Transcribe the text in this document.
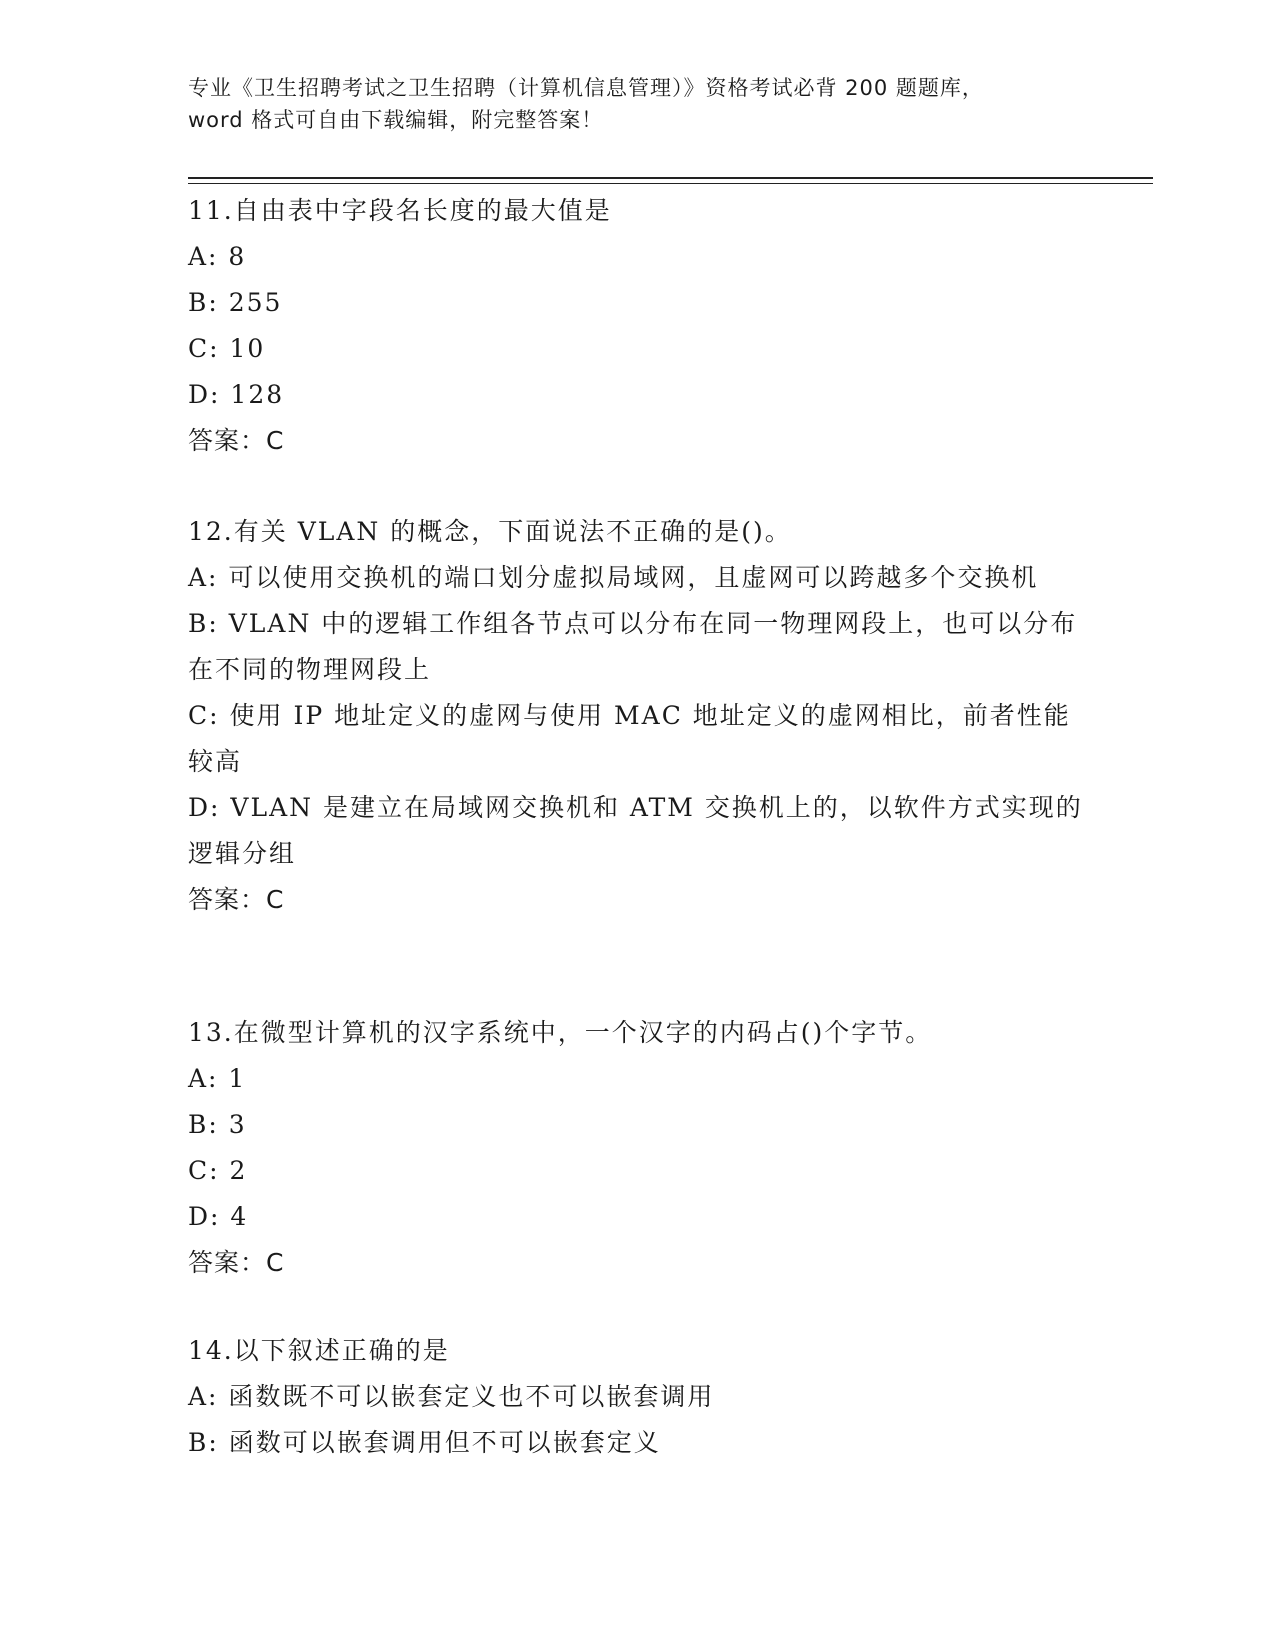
专业《卫生招聘考试之卫生招聘（计算机信息管理）》资格考试必背 200 题题库，

word 格式可自由下载编辑，附完整答案！

11.自由表中字段名长度的最大值是

A: 8

B: 255

C: 10

D: 128

答案：C

12.有关 VLAN 的概念，下面说法不正确的是()。

A: 可以使用交换机的端口划分虚拟局域网，且虚网可以跨越多个交换机

B: VLAN 中的逻辑工作组各节点可以分布在同一物理网段上，也可以分布在不同的物理网段上

C: 使用 IP 地址定义的虚网与使用 MAC 地址定义的虚网相比，前者性能较高

D: VLAN 是建立在局域网交换机和 ATM 交换机上的，以软件方式实现的逻辑分组

答案：C

13.在微型计算机的汉字系统中，一个汉字的内码占()个字节。

A: 1

B: 3

C: 2

D: 4

答案：C

14.以下叙述正确的是

A: 函数既不可以嵌套定义也不可以嵌套调用

B: 函数可以嵌套调用但不可以嵌套定义
